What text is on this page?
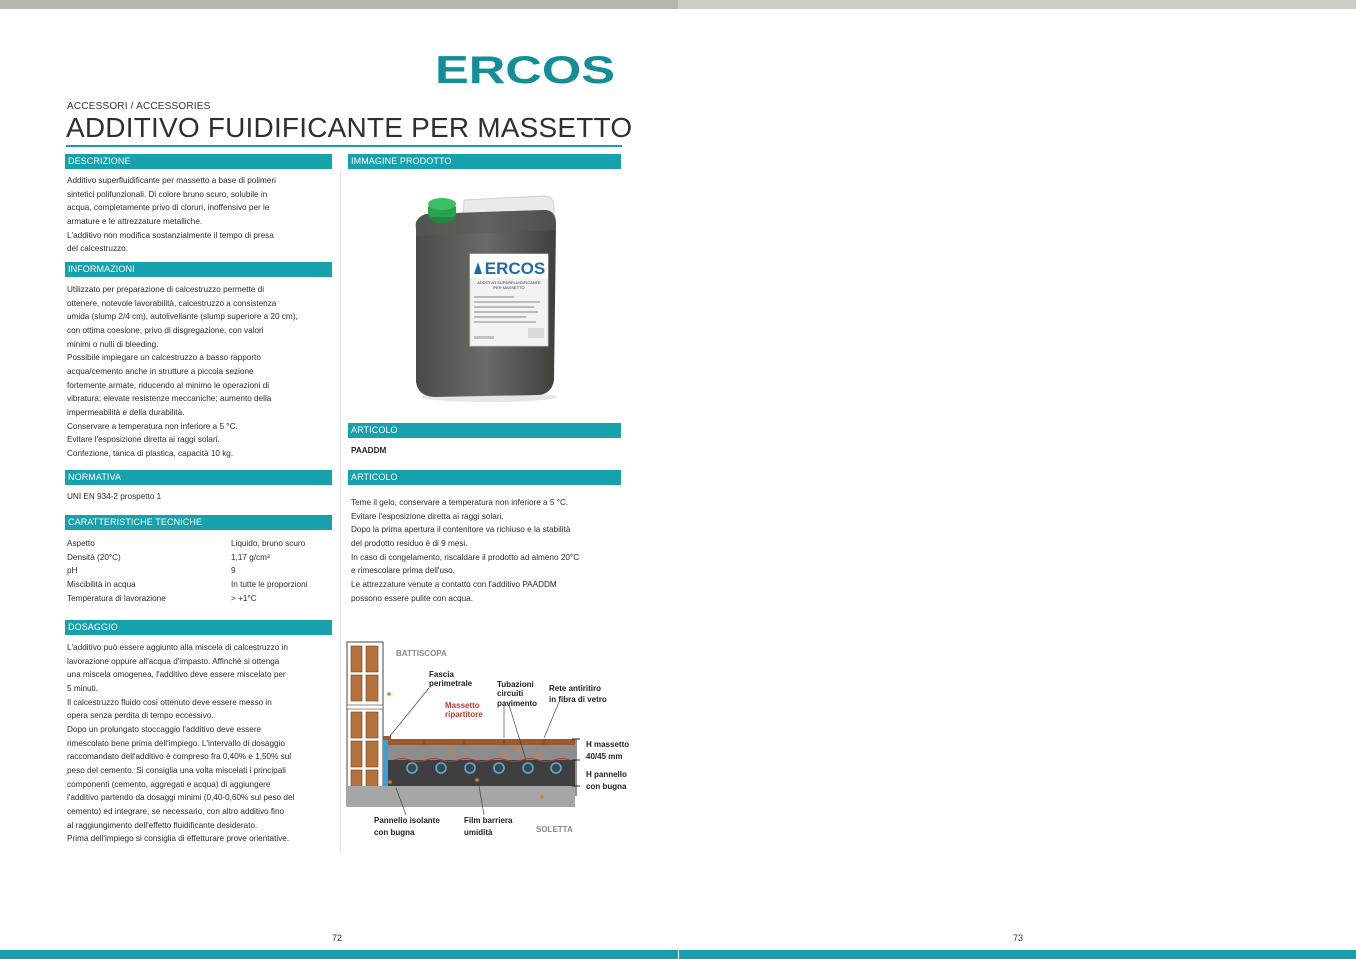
ERCOS
ACCESSORI / ACCESSORIES
ADDITIVO FUIDIFICANTE PER MASSETTO
DESCRIZIONE

Additivo superfluidificante per massetto a base di polimeri

sintetici polifunzionali. Di colore bruno scuro, solubile in

acqua, completamente privo di cloruri, inoffensivo per le

armature e le attrezzature metalliche.

L'additivo non modifica sostanzialmente il tempo di presa

del calcestruzzo.

INFORMAZIONI

Utilizzato per preparazione di calcestruzzo permette di

ottenere, notevole lavorabilità, calcestruzzo a consistenza

umida (slump 2/4 cm), autolivellante (slump superiore a 20 cm),

con ottima coesione, privo di disgregazione, con valori

minimi o nulli di bleeding.

Possibile impiegare un calcestruzzo a basso rapporto

acqua/cemento anche in strutture a piccola sezione

fortemente armate, riducendo al minimo le operazioni di

vibratura; elevate resistenze meccaniche; aumento della

impermeabilità e della durabilità.

Conservare a temperatura non inferiore a 5 °C.

Evitare l'esposizione diretta ai raggi solari.

Confezione, tanica di plastica, capacità 10 kg.

NORMATIVA

UNI EN 934-2 prospetto 1

CARATTERISTICHE TECNICHE
Aspetto	Liquido, bruno scuro
Densità (20°C)	1,17 g/cm³
pH	9
Miscibilità in acqua	In tutte le proporzioni
Temperatura di lavorazione	> +1°C
DOSAGGIO

L'additivo può essere aggiunto alla miscela di calcestruzzo in

lavorazione oppure all'acqua d'impasto. Affinchè si ottenga

una miscela omogenea, l'additivo deve essere miscelato per

5 minuti.

Il calcestruzzo fluido così ottenuto deve essere messo in

opera senza perdita di tempo eccessivo.

Dopo un prolungato stoccaggio l'additivo deve essere

rimescolato bene prima dell'impiego. L'intervallo di dosaggio

raccomandato dell'additivo è compreso fra 0,40% e 1,50% sul

peso del cemento. Si consiglia una volta miscelati i principali

componenti (cemento, aggregati e acqua) di aggiungere

l'additivo partendo da dosaggi minimi (0,40-0,60% sul peso del

cemento) ed integrare, se necessario, con altro additivo fino

al raggiungimento dell'effetto fluidificante desiderato.

Prima dell'impiego si consiglia di effetturare prove orientative.

IMMAGINE PRODOTTO
ERCOS
ADDITIVO SUPERFLUIDIFICANTE
PER MASSETTO
ARTICOLO
PAADDM
ARTICOLO

Teme il gelo, conservare a temperatura non inferiore a 5 °C.

Evitare l'esposizione diretta ai raggi solari.

Dopo la prima apertura il contenitore va richiuso e la stabilità

del prodotto residuo è di 9 mesi.

In caso di congelamento, riscaldare il prodotto ad almeno 20°C

e rimescolare prima dell'uso.

Le attrezzature venute a contatto con l'additivo PAADDM

possono essere pulite con acqua.

BATTISCOPA
Fascia
perimetrale
Massetto
ripartitore
Tubazioni
circuiti
pavimento
Rete antiritiro
in fibra di vetro
H massetto
40/45 mm
H pannello
con bugna
Pannello isolante
con bugna
Film barriera
umidità	SOLETTA
72	73
